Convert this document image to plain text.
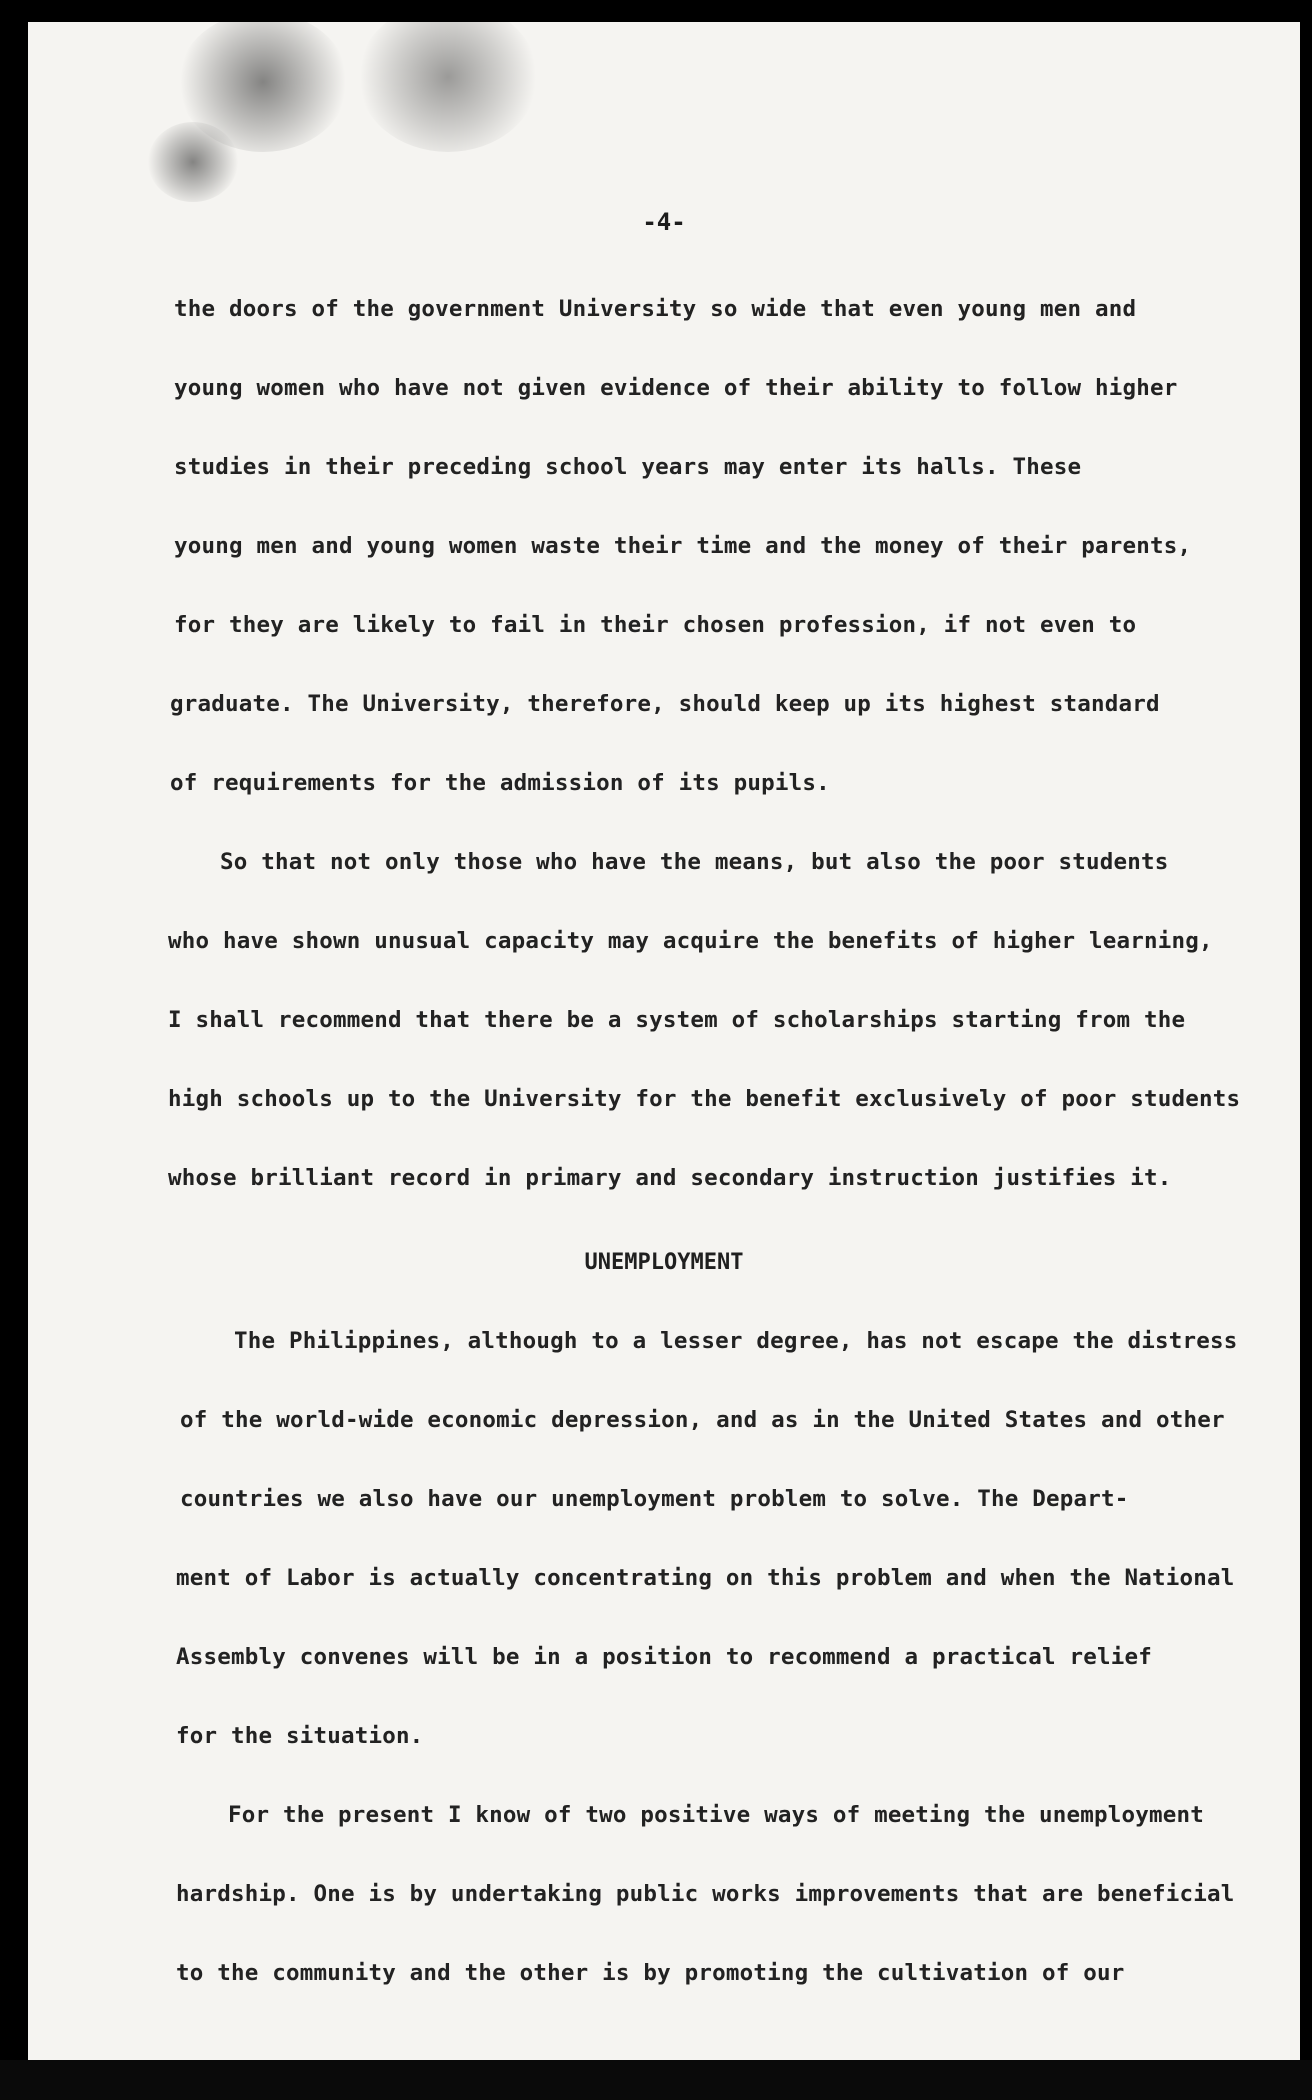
-4-
the doors of the government University so wide that even young men and
young women who have not given evidence of their ability to follow higher
studies in their preceding school years may enter its halls. These
young men and young women waste their time and the money of their parents,
for they are likely to fail in their chosen profession, if not even to
graduate. The University, therefore, should keep up its highest standard
of requirements for the admission of its pupils.
So that not only those who have the means, but also the poor students
who have shown unusual capacity may acquire the benefits of higher learning,
I shall recommend that there be a system of scholarships starting from the
high schools up to the University for the benefit exclusively of poor students
whose brilliant record in primary and secondary instruction justifies it.
UNEMPLOYMENT
The Philippines, although to a lesser degree, has not escape the distress
of the world-wide economic depression, and as in the United States and other
countries we also have our unemployment problem to solve. The Depart-
ment of Labor is actually concentrating on this problem and when the National
Assembly convenes will be in a position to recommend a practical relief
for the situation.
For the present I know of two positive ways of meeting the unemployment
hardship. One is by undertaking public works improvements that are beneficial
to the community and the other is by promoting the cultivation of our
